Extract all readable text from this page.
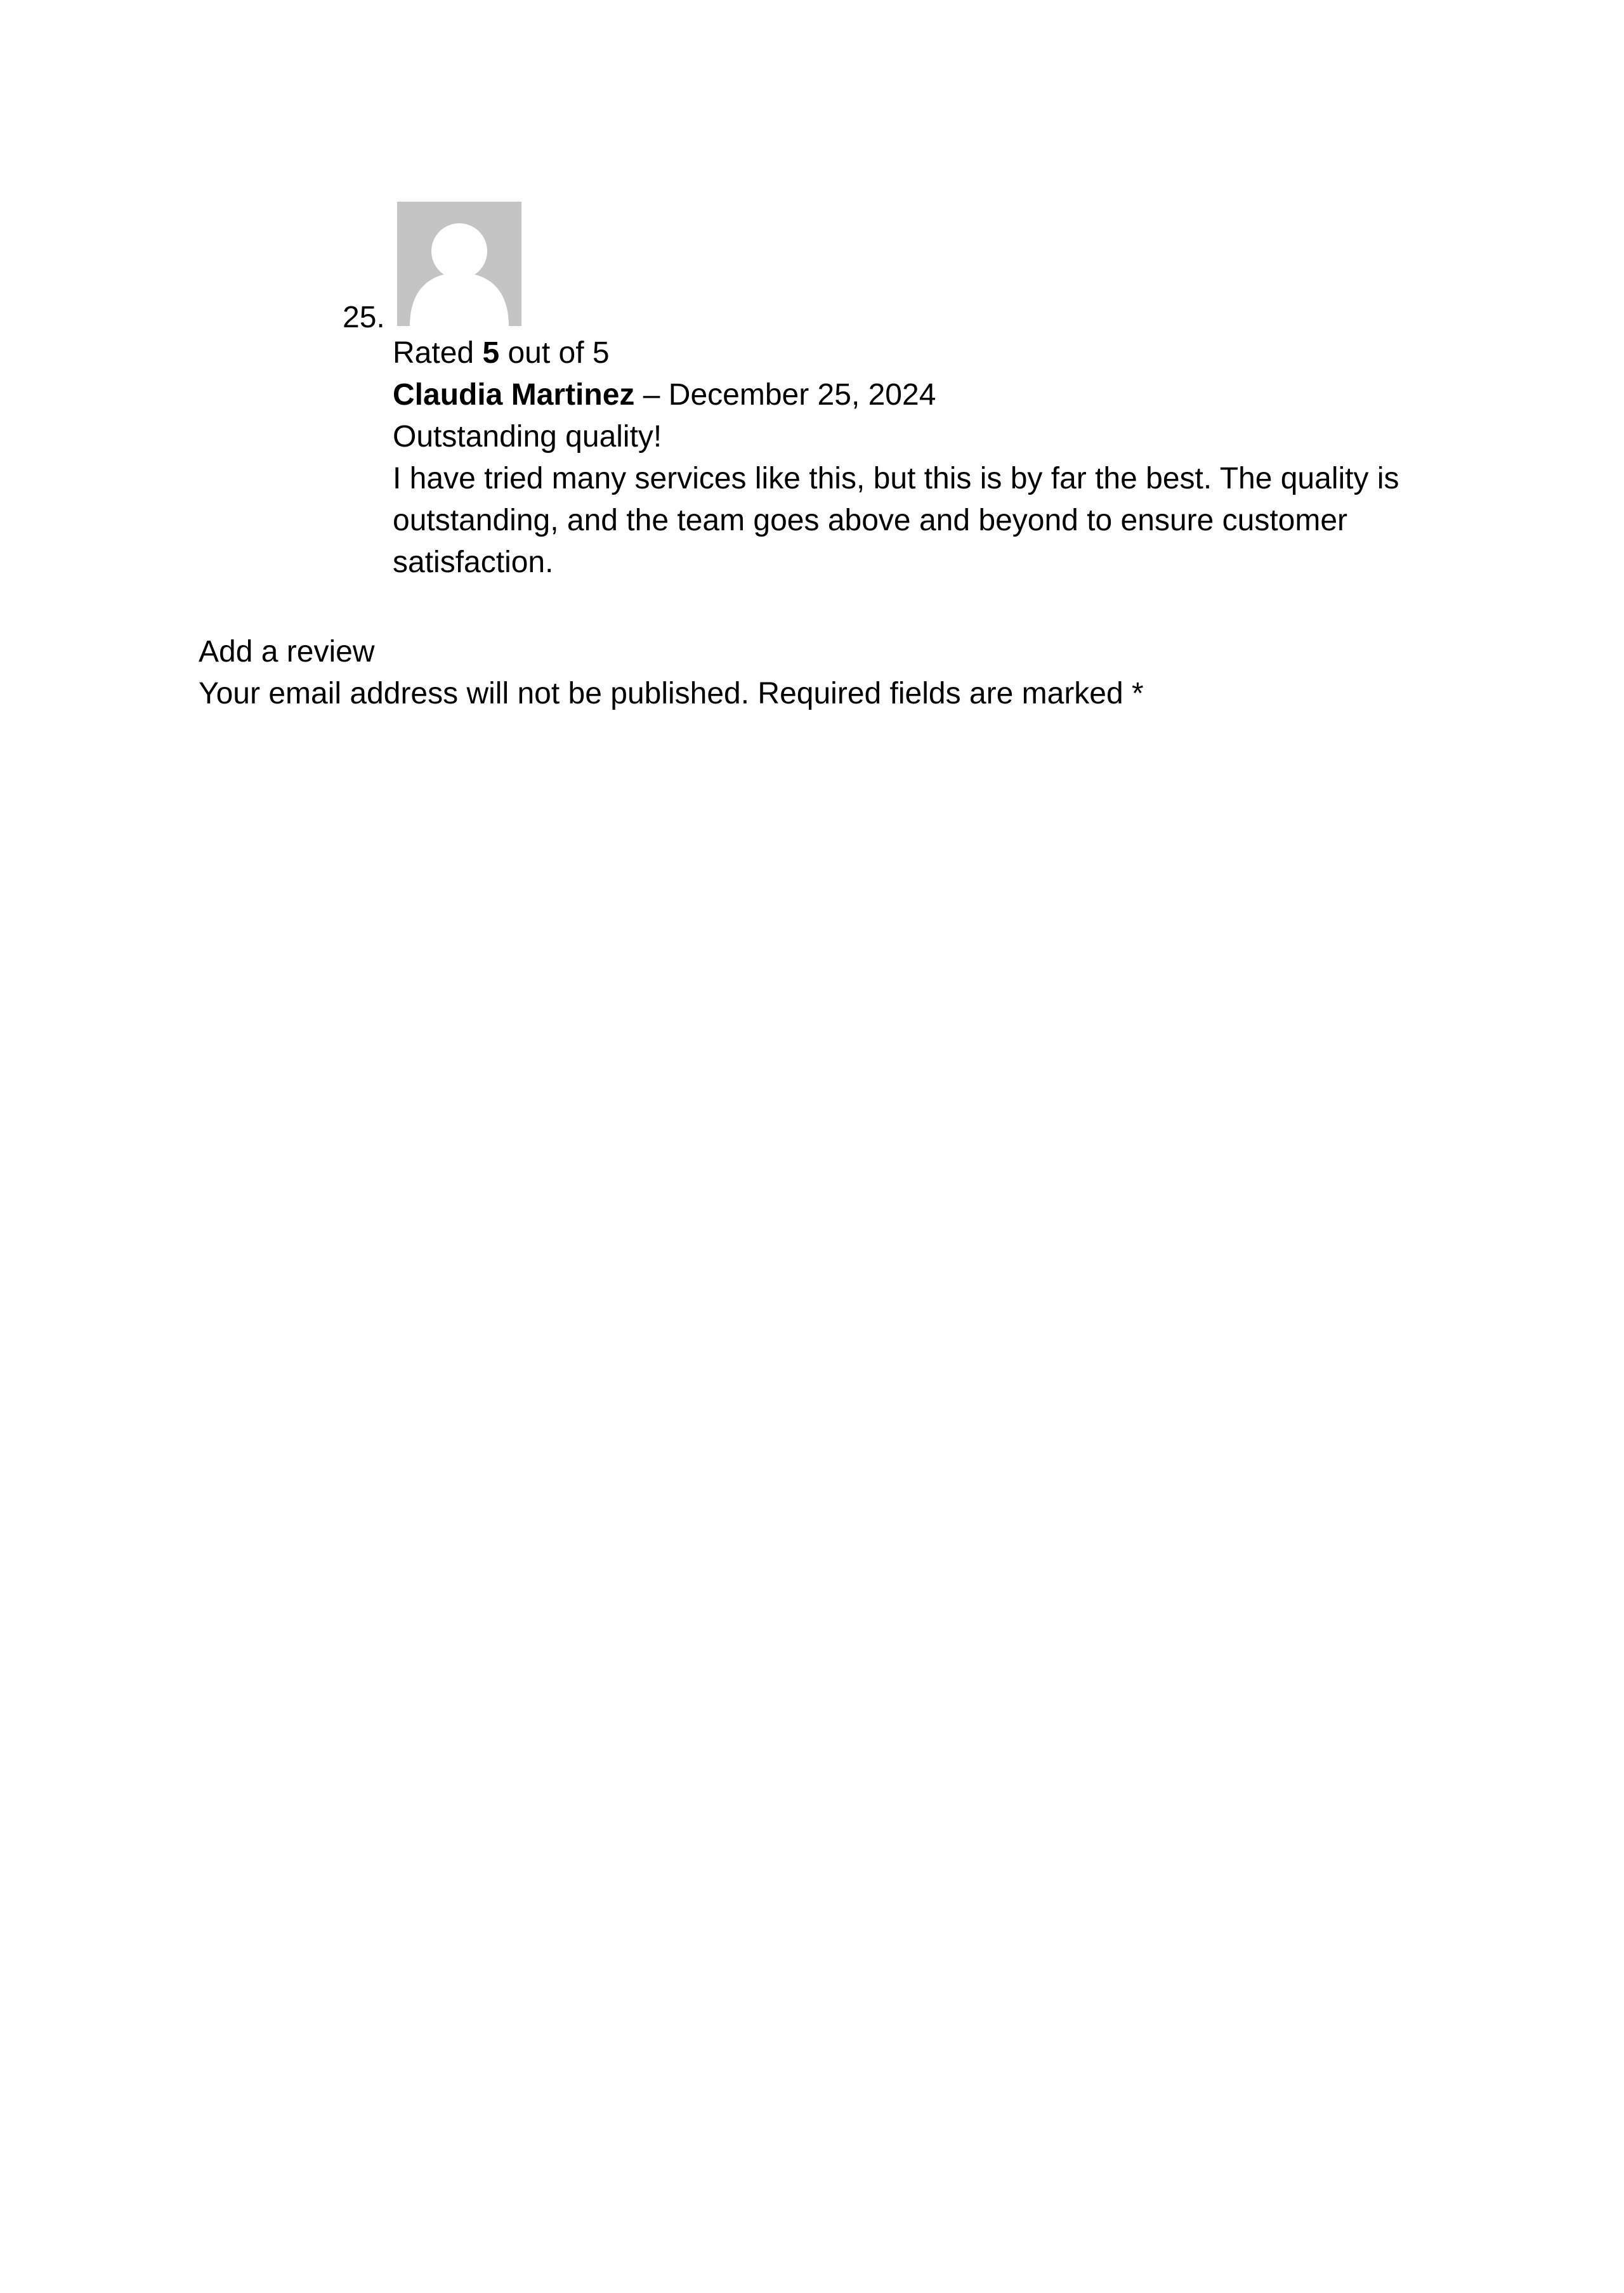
25.
Rated 5 out of 5
Claudia Martinez – December 25, 2024
Outstanding quality!
I have tried many services like this, but this is by far the best. The quality is outstanding, and the team goes above and beyond to ensure customer satisfaction.
Add a review
Your email address will not be published. Required fields are marked *
